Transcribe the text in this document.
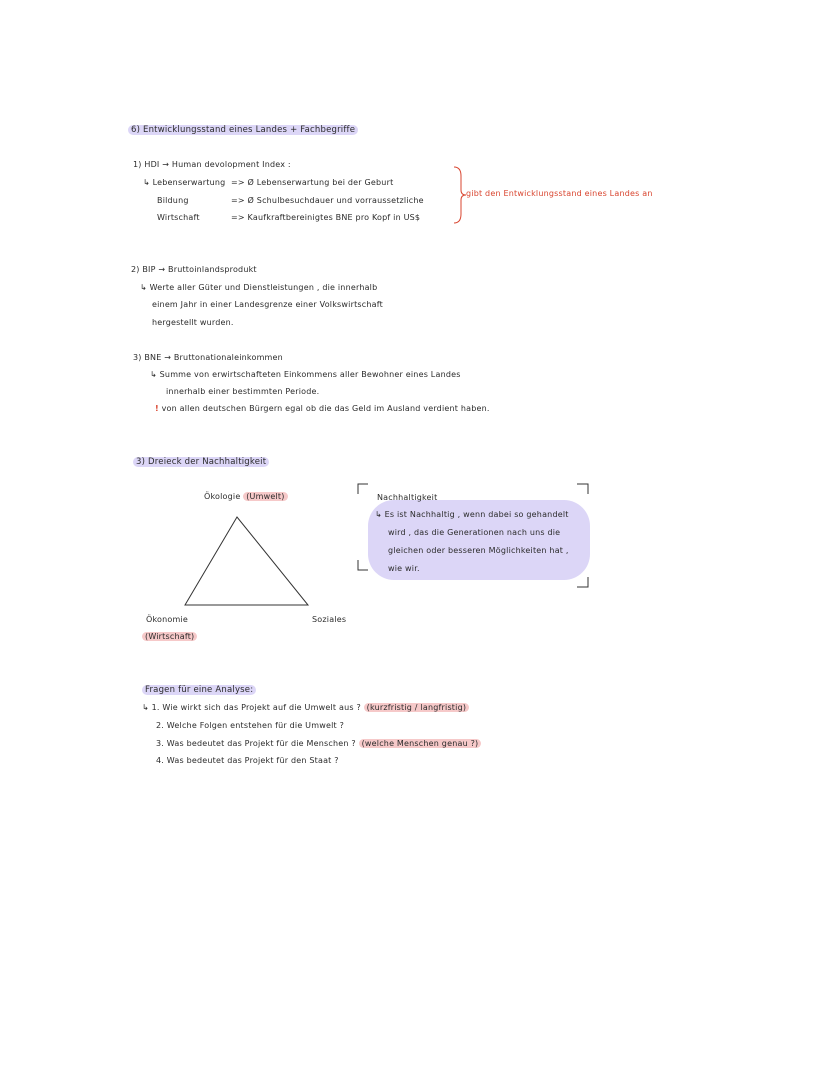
6) Entwicklungsstand eines Landes + Fachbegriffe
1) HDI → Human devolopment Index :
↳ Lebenserwartung => Ø Lebenserwartung bei der Geburt
Bildung	=> Ø Schulbesuchdauer und vorraussetzliche
Wirtschaft	=> Kaufkraftbereinigtes BNE pro Kopf in US$
gibt den Entwicklungsstand eines Landes an
2) BIP → Bruttoinlandsprodukt
↳ Werte aller Güter und Dienstleistungen , die innerhalb
einem Jahr in einer Landesgrenze einer Volkswirtschaft
hergestellt wurden.
3) BNE → Bruttonationaleinkommen
↳ Summe von erwirtschafteten Einkommens aller Bewohner eines Landes
innerhalb einer bestimmten Periode.
! von allen deutschen Bürgern egal ob die das Geld im Ausland verdient haben.
3) Dreieck der Nachhaltigkeit
Ökologie (Umwelt)
Ökonomie
(Wirtschaft)
Soziales
Nachhaltigkeit
↳ Es ist Nachhaltig , wenn dabei so gehandelt
wird , das die Generationen nach uns die
gleichen oder besseren Möglichkeiten hat ,
wie wir.
Fragen für eine Analyse:
↳ 1. Wie wirkt sich das Projekt auf die Umwelt aus ? (kurzfristig / langfristig)
2. Welche Folgen entstehen für die Umwelt ?
3. Was bedeutet das Projekt für die Menschen ? (welche Menschen genau ?)
4. Was bedeutet das Projekt für den Staat ?
